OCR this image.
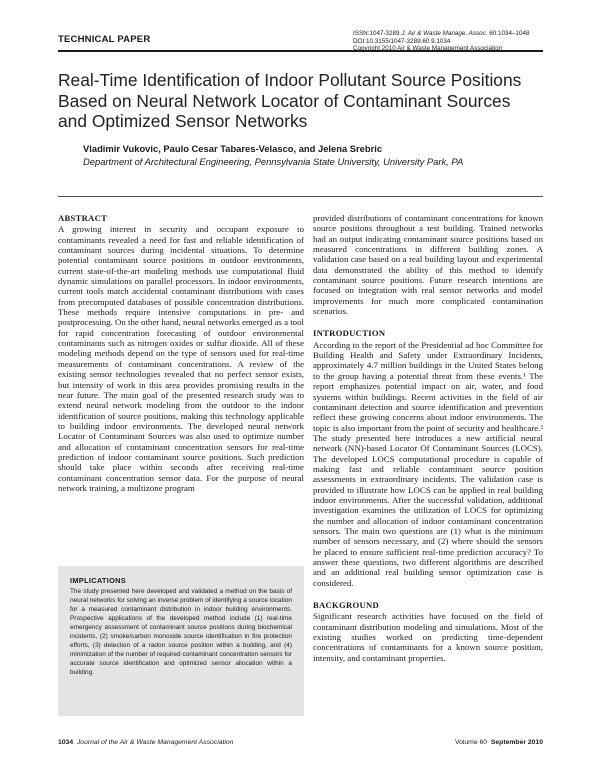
TECHNICAL PAPER
ISSN:1047-3289 J. Air & Waste Manage. Assoc. 60:1034–1048
DOI:10.3155/1047-3289.60.9.1034
Copyright 2010 Air & Waste Management Association
Real-Time Identification of Indoor Pollutant Source Positions Based on Neural Network Locator of Contaminant Sources and Optimized Sensor Networks
Vladimir Vukovic, Paulo Cesar Tabares-Velasco, and Jelena Srebric
Department of Architectural Engineering, Pennsylvania State University, University Park, PA
ABSTRACT

A growing interest in security and occupant exposure to contaminants revealed a need for fast and reliable identification of contaminant sources during incidental situations. To determine potential contaminant source positions in outdoor environments, current state-of-the-art modeling methods use computational fluid dynamic simulations on parallel processors. In indoor environments, current tools match accidental contaminant distributions with cases from precomputed databases of possible concentration distributions. These methods require intensive computations in pre- and postprocessing. On the other hand, neural networks emerged as a tool for rapid concentration forecasting of outdoor environmental contaminants such as nitrogen oxides or sulfur dioxide. All of these modeling methods depend on the type of sensors used for real-time measurements of contaminant concentrations. A review of the existing sensor technologies revealed that no perfect sensor exists, but intensity of work in this area provides promising results in the near future. The main goal of the presented research study was to extend neural network modeling from the outdoor to the indoor identification of source positions, making this technology applicable to building indoor environments. The developed neural network Locator of Contaminant Sources was also used to optimize number and allocation of contaminant concentration sensors for real-time prediction of indoor contaminant source positions. Such prediction should take place within seconds after receiving real-time contaminant concentration sensor data. For the purpose of neural network training, a multizone program

IMPLICATIONS

The study presented here developed and validated a method on the basis of neural networks for solving an inverse problem of identifying a source location for a measured contaminant distribution in indoor building environments. Prospective applications of the developed method include (1) real-time emergency assessment of contaminant source positions during biochemical incidents, (2) smoke/carbon monoxide source identification in fire protection efforts, (3) detection of a radon source position within a building, and (4) minimization of the number of required contaminant concentration sensors for accurate source identification and optimized sensor allocation within a building.

provided distributions of contaminant concentrations for known source positions throughout a test building. Trained networks had an output indicating contaminant source positions based on measured concentrations in different building zones. A validation case based on a real building layout and experimental data demonstrated the ability of this method to identify contaminant source positions. Future research intentions are focused on integration with real sensor networks and model improvements for much more complicated contamination scenarios.

INTRODUCTION

According to the report of the Presidential ad hoc Committee for Building Health and Safety under Extraordinary Incidents, approximately 4.7 million buildings in the United States belong to the group having a potential threat from these events.¹ The report emphasizes potential impact on air, water, and food systems within buildings. Recent activities in the field of air contaminant detection and source identification and prevention reflect these growing concerns about indoor environments. The topic is also important from the point of security and healthcare.² The study presented here introduces a new artificial neural network (NN)-based Locator Of Contaminant Sources (LOCS). The developed LOCS computational procedure is capable of making fast and reliable contaminant source position assessments in extraordinary incidents. The validation case is provided to illustrate how LOCS can be applied in real building indoor environments. After the successful validation, additional investigation examines the utilization of LOCS for optimizing the number and allocation of indoor contaminant concentration sensors. The main two questions are (1) what is the minimum number of sensors necessary, and (2) where should the sensors be placed to ensure sufficient real-time prediction accuracy? To answer these questions, two different algorithms are described and an additional real building sensor optimization case is considered.

BACKGROUND

Significant research activities have focused on the field of contaminant distribution modeling and simulations. Most of the existing studies worked on predicting time-dependent concentrations of contaminants for a known source position, intensity, and contaminant properties.

1034 Journal of the Air & Waste Management Association	Volume 60 September 2010
